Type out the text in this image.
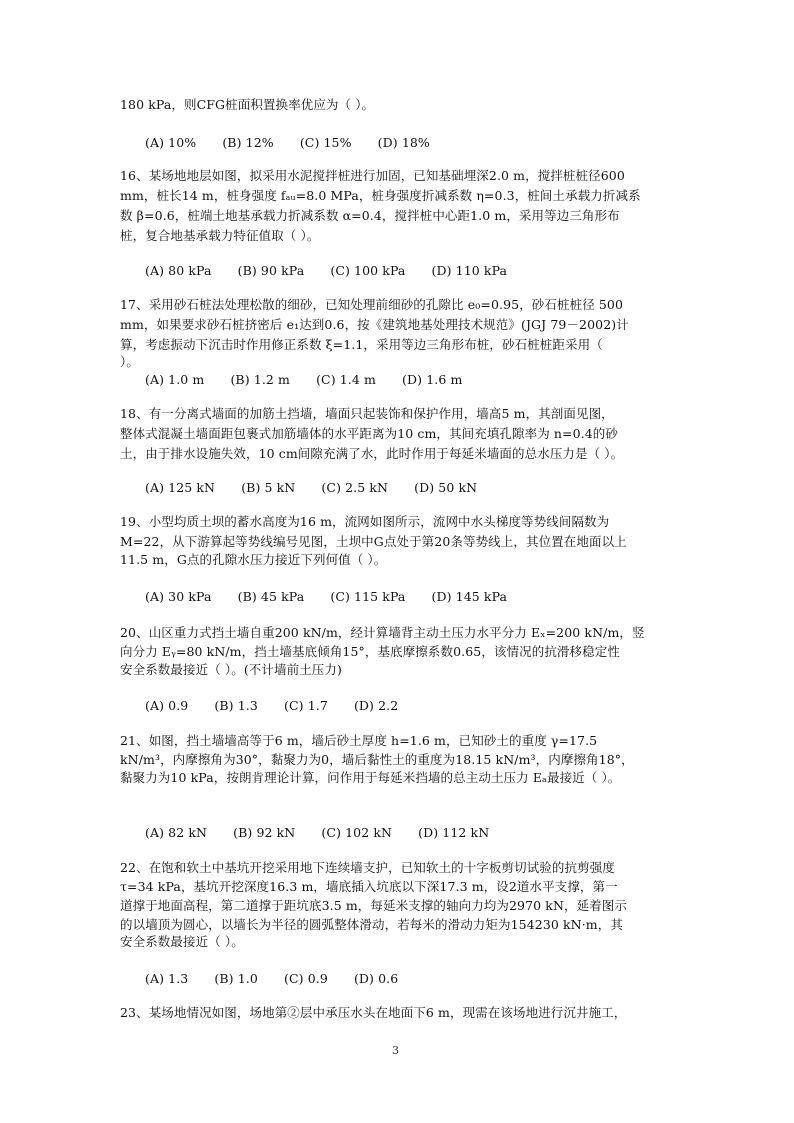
180 kPa，则CFG桩面积置换率优应为（ ）。
(A) 10% (B) 12% (C) 15% (D) 18%
16、某场地地层如图，拟采用水泥搅拌桩进行加固，已知基础埋深2.0 m，搅拌桩桩径600
mm，桩长14 m，桩身强度 fₐᵤ=8.0 MPa，桩身强度折减系数 η=0.3，桩间土承载力折减系
数 β=0.6，桩端土地基承载力折减系数 α=0.4，搅拌桩中心距1.0 m，采用等边三角形布
桩，复合地基承载力特征值取（ ）。
(A) 80 kPa (B) 90 kPa (C) 100 kPa (D) 110 kPa
17、采用砂石桩法处理松散的细砂，已知处理前细砂的孔隙比 e₀=0.95，砂石桩桩径 500
mm，如果要求砂石桩挤密后 e₁达到0.6，按《建筑地基处理技术规范》(JGJ 79－2002)计
算，考虑振动下沉击时作用修正系数 ξ=1.1，采用等边三角形布桩，砂石桩桩距采用（
）。
(A) 1.0 m (B) 1.2 m (C) 1.4 m (D) 1.6 m
18、有一分离式墙面的加筋土挡墙，墙面只起装饰和保护作用，墙高5 m，其剖面见图，
整体式混凝土墙面距包裹式加筋墙体的水平距离为10 cm，其间充填孔隙率为 n=0.4的砂
土，由于排水设施失效，10 cm间隙充满了水，此时作用于每延米墙面的总水压力是（ ）。
(A) 125 kN (B) 5 kN (C) 2.5 kN (D) 50 kN
19、小型均质土坝的蓄水高度为16 m，流网如图所示，流网中水头梯度等势线间隔数为
M=22，从下游算起等势线编号见图，土坝中G点处于第20条等势线上，其位置在地面以上
11.5 m，G点的孔隙水压力接近下列何值（ ）。
(A) 30 kPa (B) 45 kPa (C) 115 kPa (D) 145 kPa
20、山区重力式挡土墙自重200 kN/m，经计算墙背主动土压力水平分力 Eₓ=200 kN/m，竖
向分力 Eᵧ=80 kN/m，挡土墙基底倾角15°，基底摩擦系数0.65，该情况的抗滑移稳定性
安全系数最接近（ ）。(不计墙前土压力)
(A) 0.9 (B) 1.3 (C) 1.7 (D) 2.2
21、如图，挡土墙墙高等于6 m，墙后砂土厚度 h=1.6 m，已知砂土的重度 γ=17.5
kN/m³，内摩擦角为30°，黏聚力为0，墙后黏性土的重度为18.15 kN/m³，内摩擦角18°，
黏聚力为10 kPa，按朗肯理论计算，问作用于每延米挡墙的总主动土压力 Eₐ最接近（ ）。
(A) 82 kN (B) 92 kN (C) 102 kN (D) 112 kN
22、在饱和软土中基坑开挖采用地下连续墙支护，已知软土的十字板剪切试验的抗剪强度
τ=34 kPa，基坑开挖深度16.3 m，墙底插入坑底以下深17.3 m，设2道水平支撑，第一
道撑于地面高程，第二道撑于距坑底3.5 m，每延米支撑的轴向力均为2970 kN，延着图示
的以墙顶为圆心，以墙长为半径的圆弧整体滑动，若每米的滑动力矩为154230 kN·m，其
安全系数最接近（ ）。
(A) 1.3 (B) 1.0 (C) 0.9 (D) 0.6
23、某场地情况如图，场地第②层中承压水头在地面下6 m，现需在该场地进行沉井施工，
3
